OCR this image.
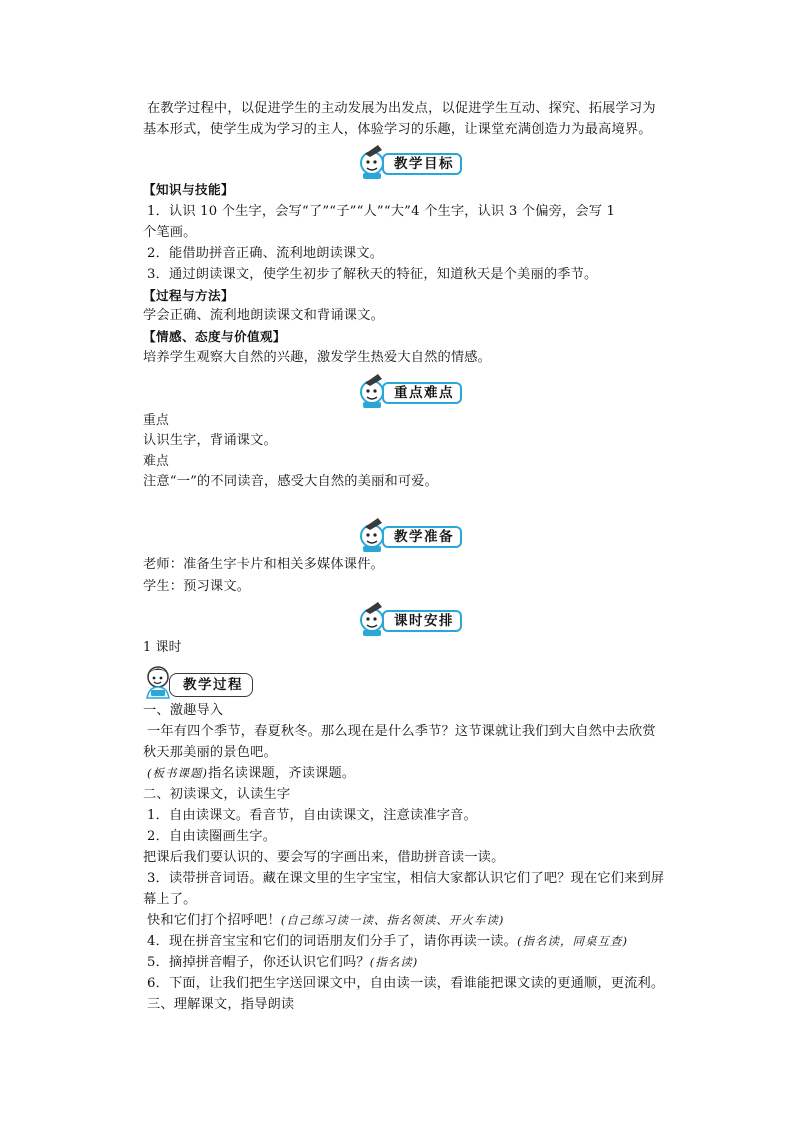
在教学过程中，以促进学生的主动发展为出发点，以促进学生互动、探究、拓展学习为
基本形式，使学生成为学习的主人，体验学习的乐趣，让课堂充满创造力为最高境界。
教学目标
【知识与技能】
1．认识 10 个生字，会写“了”“子”“人”“大”4 个生字，认识 3 个偏旁，会写 1
个笔画。
2．能借助拼音正确、流利地朗读课文。
3．通过朗读课文，使学生初步了解秋天的特征，知道秋天是个美丽的季节。
【过程与方法】
学会正确、流利地朗读课文和背诵课文。
【情感、态度与价值观】
培养学生观察大自然的兴趣，激发学生热爱大自然的情感。
重点难点
重点
认识生字，背诵课文。
难点
注意“一”的不同读音，感受大自然的美丽和可爱。
教学准备
老师：准备生字卡片和相关多媒体课件。
学生：预习课文。
课时安排
1 课时
教学过程
一、激趣导入
一年有四个季节，春夏秋冬。那么现在是什么季节？这节课就让我们到大自然中去欣赏
秋天那美丽的景色吧。
(板书课题)指名读课题，齐读课题。
二、初读课文，认读生字
1．自由读课文。看音节，自由读课文，注意读准字音。
2．自由读圈画生字。
把课后我们要认识的、要会写的字画出来，借助拼音读一读。
3．读带拼音词语。藏在课文里的生字宝宝，相信大家都认识它们了吧？现在它们来到屏
幕上了。
快和它们打个招呼吧！(自己练习读一读、指名领读、开火车读)
4．现在拼音宝宝和它们的词语朋友们分手了，请你再读一读。(指名读，同桌互查)
5．摘掉拼音帽子，你还认识它们吗？(指名读)
6．下面，让我们把生字送回课文中，自由读一读，看谁能把课文读的更通顺，更流利。
三、理解课文，指导朗读
